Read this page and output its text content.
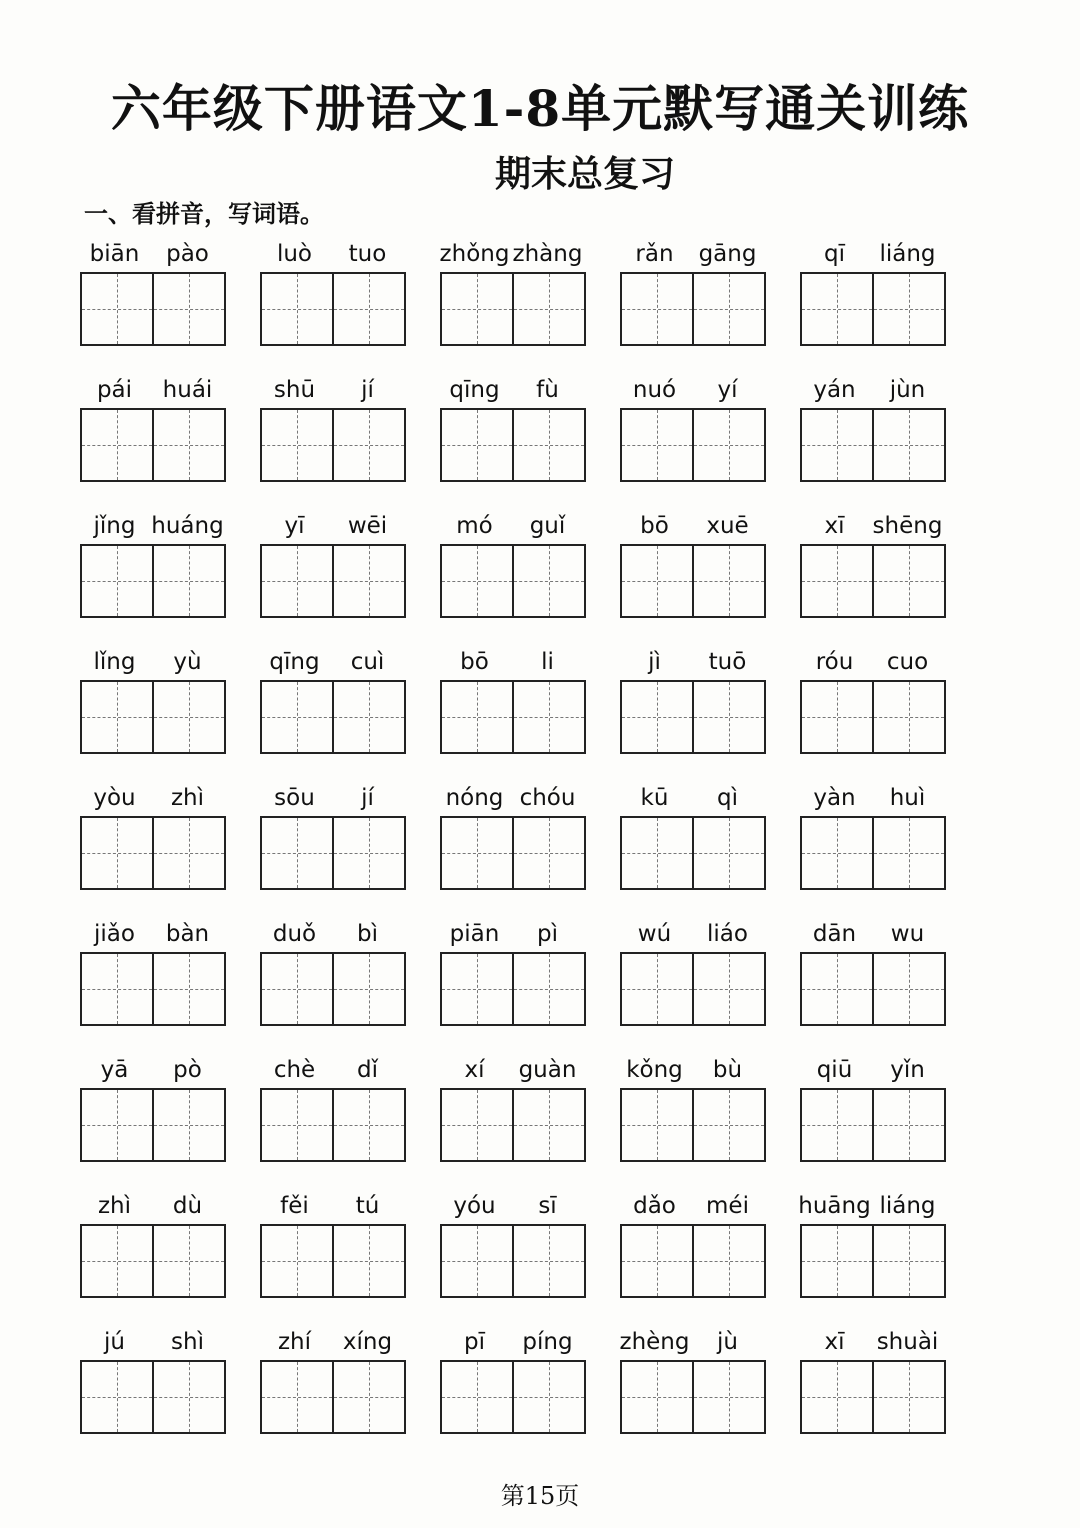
六年级下册语文1-8单元默写通关训练
期末总复习
一、看拼音，写词语。
biān	pào	luò	tuo	zhǒng zhàng	rǎn	gāng	qī	liáng
pái	huái	shū	jí	qīng	fù	nuó	yí	yán	jùn
jǐng huáng	yī	wēi	mó	guǐ	bō	xuē	xī	shēng
lǐng	yù	qīng	cuì	bō	li	jì	tuō	róu	cuo
yòu	zhì	sōu	jí	nóng chóu	kū	qì	yàn	huì
jiǎo	bàn	duǒ	bì	piān	pì	wú	liáo	dān	wu
yā	pò	chè	dǐ	xí	guàn	kǒng	bù	qiū	yǐn
zhì	dù	fěi	tú	yóu	sī	dǎo	méi	huāng liáng
jú	shì	zhí	xíng	pī	píng	zhèng	jù	xī	shuài
第15页
